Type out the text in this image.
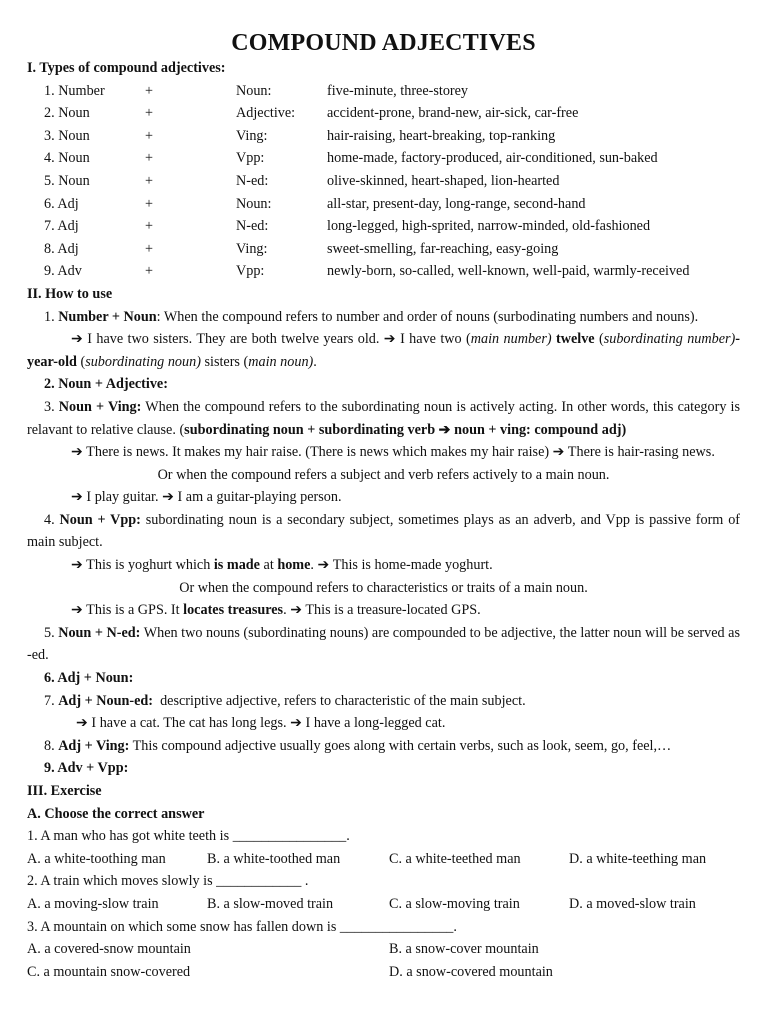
COMPOUND ADJECTIVES
I. Types of compound adjectives:
1. Number	+	Noun:	five-minute, three-storey
2. Noun	+	Adjective:	accident-prone, brand-new, air-sick, car-free
3. Noun	+	Ving:	hair-raising, heart-breaking, top-ranking
4. Noun	+	Vpp:	home-made, factory-produced, air-conditioned, sun-baked
5. Noun	+	N-ed:	olive-skinned, heart-shaped, lion-hearted
6. Adj	+	Noun:	all-star, present-day, long-range, second-hand
7. Adj	+	N-ed:	long-legged, high-sprited, narrow-minded, old-fashioned
8. Adj	+	Ving:	sweet-smelling, far-reaching, easy-going
9. Adv	+	Vpp:	newly-born, so-called, well-known, well-paid, warmly-received
II. How to use
1. Number + Noun: When the compound refers to number and order of nouns (surbodinating numbers and nouns).
➔ I have two sisters. They are both twelve years old. ➔ I have two (main number) twelve (subordinating number)-year-old (subordinating noun) sisters (main noun).
2. Noun + Adjective:
3. Noun + Ving: When the compound refers to the subordinating noun is actively acting. In other words, this category is relavant to relative clause. (subordinating noun + subordinating verb ➔ noun + ving: compound adj)
➔ There is news. It makes my hair raise. (There is news which makes my hair raise) ➔ There is hair-rasing news.
Or when the compound refers a subject and verb refers actively to a main noun.
➔ I play guitar. ➔ I am a guitar-playing person.
4. Noun + Vpp: subordinating noun is a secondary subject, sometimes plays as an adverb, and Vpp is passive form of main subject.
➔ This is yoghurt which is made at home. ➔ This is home-made yoghurt.
Or when the compound refers to characteristics or traits of a main noun.
➔ This is a GPS. It locates treasures. ➔ This is a treasure-located GPS.
5. Noun + N-ed: When two nouns (subordinating nouns) are compounded to be adjective, the latter noun will be served as -ed.
6. Adj + Noun:
7. Adj + Noun-ed:  descriptive adjective, refers to characteristic of the main subject.
➔ I have a cat. The cat has long legs. ➔ I have a long-legged cat.
8. Adj + Ving: This compound adjective usually goes along with certain verbs, such as look, seem, go, feel,…
9. Adv + Vpp:
III. Exercise
A. Choose the correct answer
1. A man who has got white teeth is ________________.
A. a white-toothing man	B. a white-toothed man	C. a white-teethed man	D. a white-teething man
2. A train which moves slowly is ____________ .
A. a moving-slow train	B. a slow-moved train	C. a slow-moving train	D. a moved-slow train
3. A mountain on which some snow has fallen down is ________________.
A. a covered-snow mountain	B. a snow-cover mountain
C. a mountain snow-covered	D. a snow-covered mountain
